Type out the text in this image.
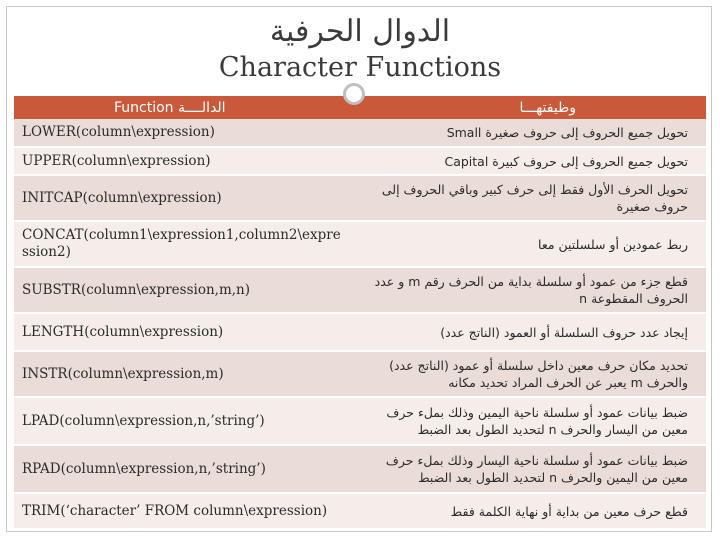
الدوال الحرفية
Character Functions
Function الدالــــة	وظيفتهـــا
LOWER(column\expression)	تحويل جميع الحروف إلى حروف صغيرة Small
UPPER(column\expression)	تحويل جميع الحروف إلى حروف كبيرة Capital
INITCAP(column\expression)	تحويل الحرف الأول فقط إلى حرف كبير وباقي الحروف إلى حروف صغيرة
CONCAT(column1\expression1,column2\expression2)	ربط عمودين أو سلسلتين معا
SUBSTR(column\expression,m,n)	قطع جزء من عمود أو سلسلة بداية من الحرف رقم m و عدد الحروف المقطوعة n
LENGTH(column\expression)	إيجاد عدد حروف السلسلة أو العمود (الناتج عدد)
INSTR(column\expression,m)	تحديد مكان حرف معين داخل سلسلة أو عمود (الناتج عدد) والحرف m يعبر عن الحرف المراد تحديد مكانه
LPAD(column\expression,n,’string’)	ضبط بيانات عمود أو سلسلة ناحية اليمين وذلك بملء حرف معين من اليسار والحرف n لتحديد الطول بعد الضبط
RPAD(column\expression,n,’string’)	ضبط بيانات عمود أو سلسلة ناحية اليسار وذلك بملء حرف معين من اليمين والحرف n لتحديد الطول بعد الضبط
TRIM(‘character’ FROM column\expression)	قطع حرف معين من بداية أو نهاية الكلمة فقط
